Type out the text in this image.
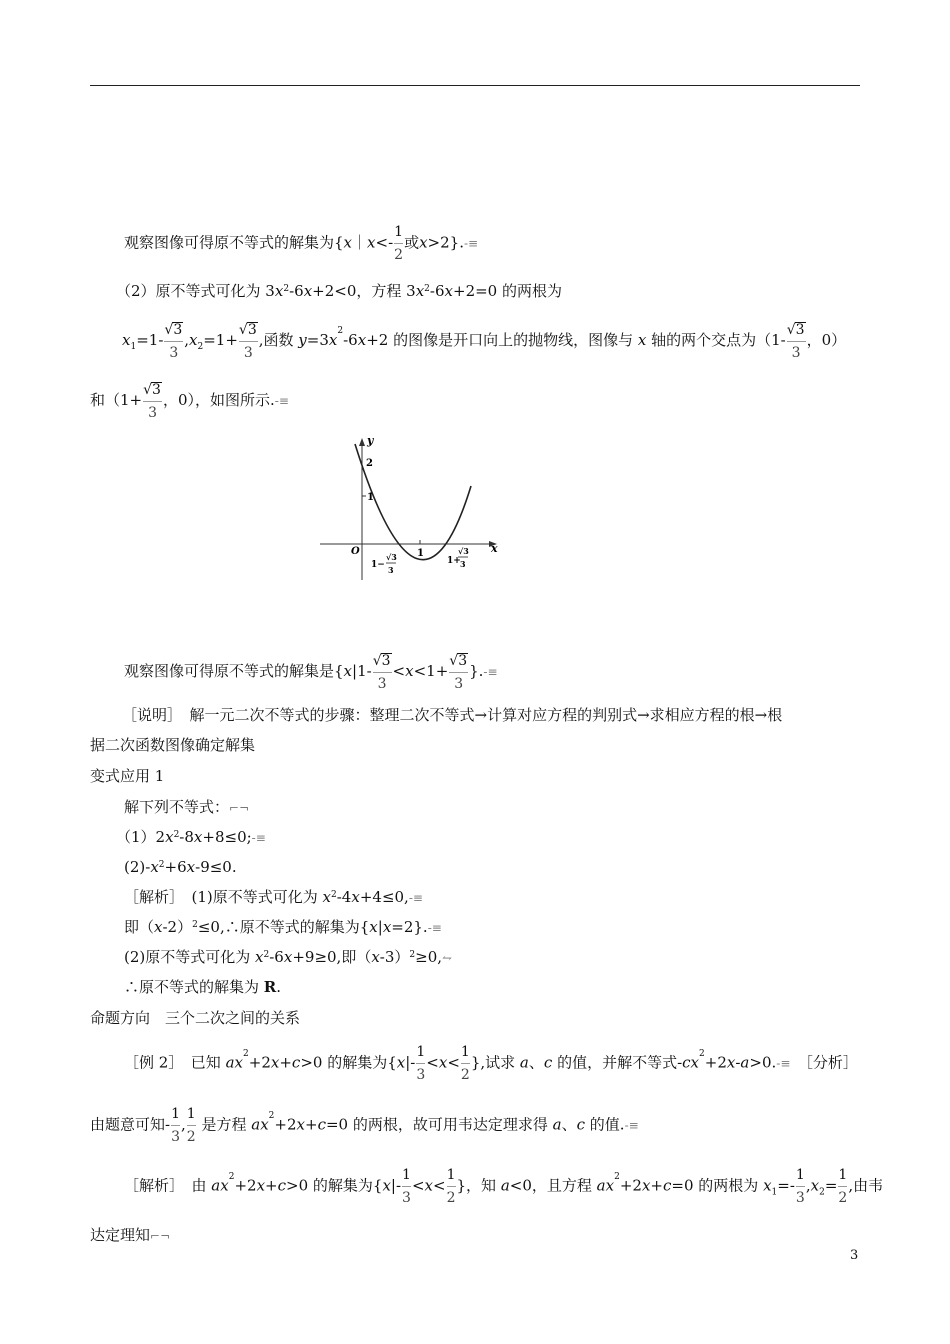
观察图像可得原不等式的解集为{x｜x<- $\frac{1}{2}$ 或x>2}.-≡
（2）原不等式可化为 $3x^2-6x+2<0$，方程 $3x^2-6x+2=0$ 的两根为
$x_1=1- \frac{√3}{3} ,x_2=1+ \frac{√3}{3}$ ,函数 $y=3x^2-6x+2$ 的图像是开口向上的抛物线，图像与 x 轴的两个交点为（$1- \frac{√3}{3}$ ，0）
和（$1+ \frac{√3}{3}$ ，0），如图所示.-≡
y
x
O
2
1
1
1−
√3
3
1+
√3
3
观察图像可得原不等式的解集是{$x|1- \frac{√3}{3} <x<1+ \frac{√3}{3}$ }.-≡
［说明］　解一元二次不等式的步骤：整理二次不等式→计算对应方程的判别式→求相应方程的根→根
据二次函数图像确定解集
变式应用 1
解下列不等式：⌐¬
$(1)2x^2-8x+8\le 0;-\equiv$
$(2)-x^2+6x-9\le 0$.
［解析］　(1)原不等式可化为 $x^2-4x+4\le 0,-\equiv$
即$(x-2)^2\le 0,\therefore$原不等式的解集为{x|x=2}.-≡
(2)原不等式可化为 $x^2-6x+9\ge 0$,即$(x-3)^2\ge 0,⥊$
∴原不等式的解集为 R.
命题方向　三个二次之间的关系
［例 2］　已知 $ax^2+2x+c>0$ 的解集为{$x|- \frac{1}{3} <x< \frac{1}{2}$ },试求 a、c 的值，并解不等式$-cx^2+2x-a>0.-\equiv$　［分析］
由题意可知- $\frac{1}{3}$ , $\frac{1}{2}$ 是方程 $ax^2+2x+c=0$ 的两根，故可用韦达定理求得 a、c 的值.-≡
［解析］　由 $ax^2+2x+c>0$ 的解集为{$x|- \frac{1}{3} <x< \frac{1}{2}$ }，知 a<0，且方程 $ax^2+2x+c=0$ 的两根为 $x_1=- \frac{1}{3} ,x_2= \frac{1}{2}$ ,由韦
达定理知⌐¬
3
